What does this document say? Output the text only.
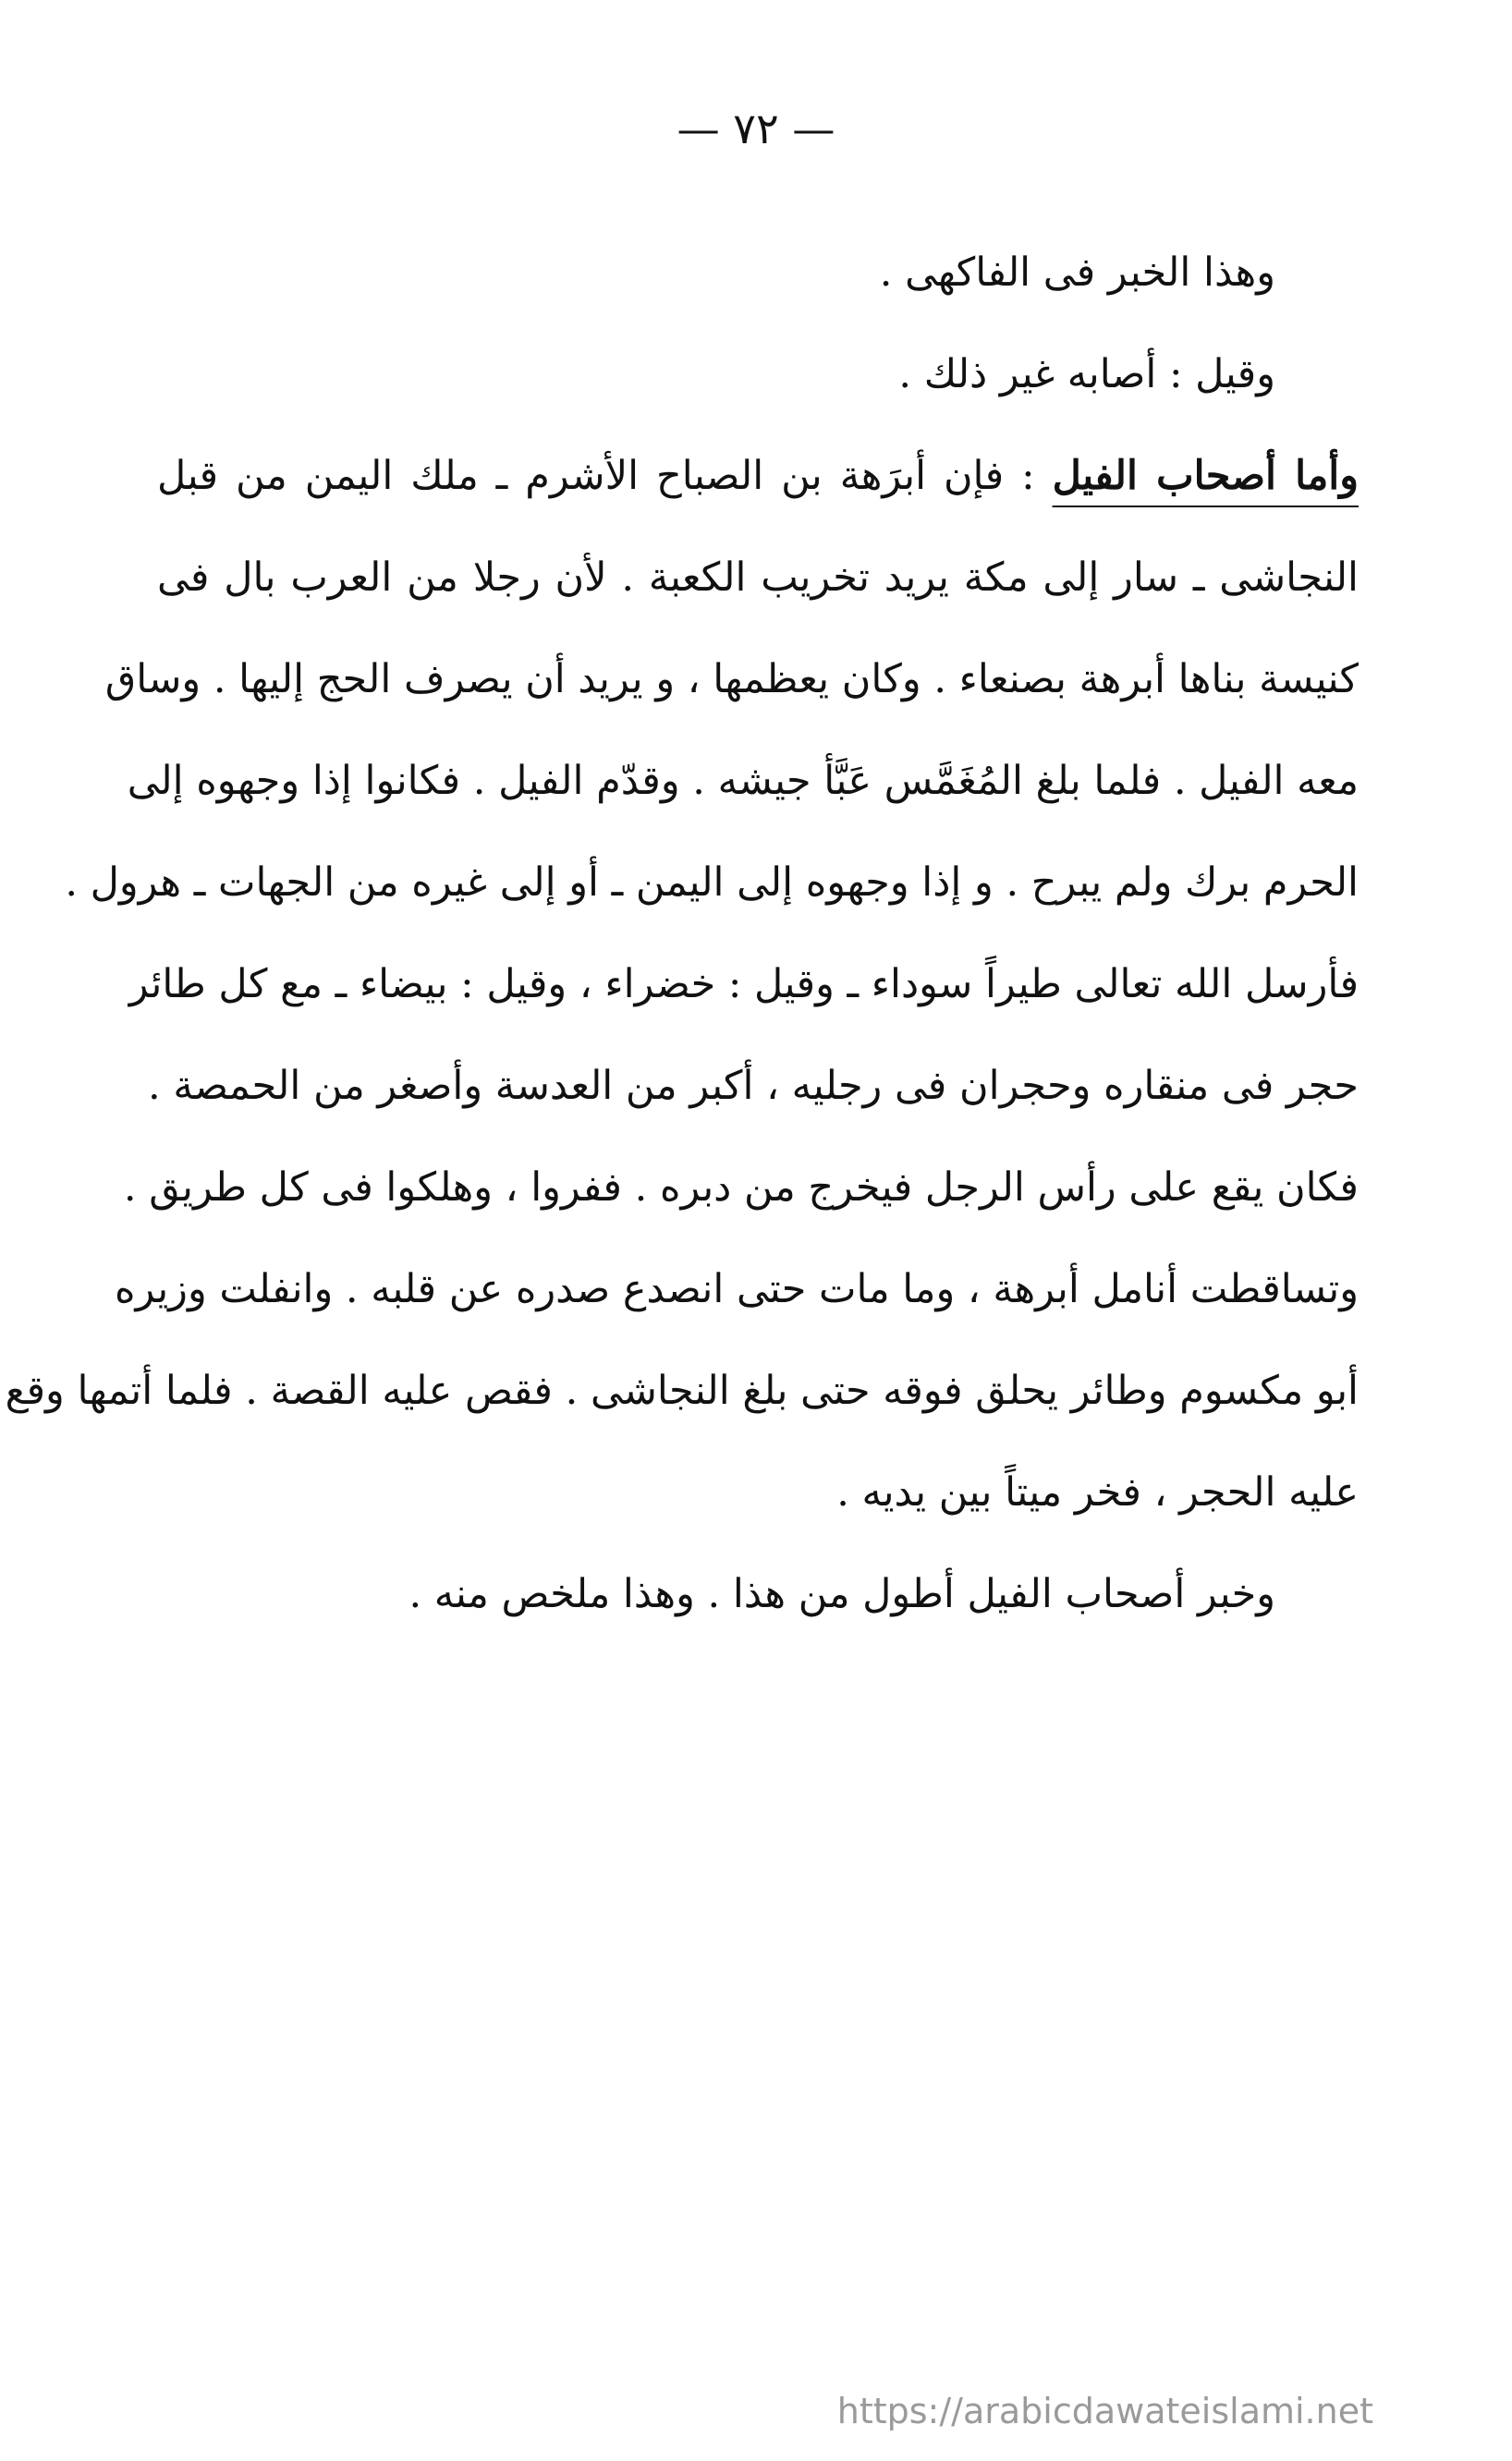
— ٧٢ —
وهذا الخبر فى الفاكهى .
وقيل : أصابه غير ذلك .
وأما أصحاب الفيل : فإن أبرَهة بن الصباح الأشرم ـ ملك اليمن من قبل
النجاشى ـ سار إلى مكة يريد تخريب الكعبة . لأن رجلا من العرب بال فى
كنيسة بناها أبرهة بصنعاء . وكان يعظمها ، و يريد أن يصرف الحج إليها . وساق
معه الفيل . فلما بلغ المُغَمَّس عَبَّأ جيشه . وقدّم الفيل . فكانوا إذا وجهوه إلى
الحرم برك ولم يبرح . و إذا وجهوه إلى اليمن ـ أو إلى غيره من الجهات ـ هرول .
فأرسل الله تعالى طيراً سوداء ـ وقيل : خضراء ، وقيل : بيضاء ـ مع كل طائر
حجر فى منقاره وحجران فى رجليه ، أكبر من العدسة وأصغر من الحمصة .
فكان يقع على رأس الرجل فيخرج من دبره . ففروا ، وهلكوا فى كل طريق .
وتساقطت أنامل أبرهة ، وما مات حتى انصدع صدره عن قلبه . وانفلت وزيره
أبو مكسوم وطائر يحلق فوقه حتى بلغ النجاشى . فقص عليه القصة . فلما أتمها وقع
عليه الحجر ، فخر ميتاً بين يديه .
وخبر أصحاب الفيل أطول من هذا . وهذا ملخص منه .
https://arabicdawateislami.net
